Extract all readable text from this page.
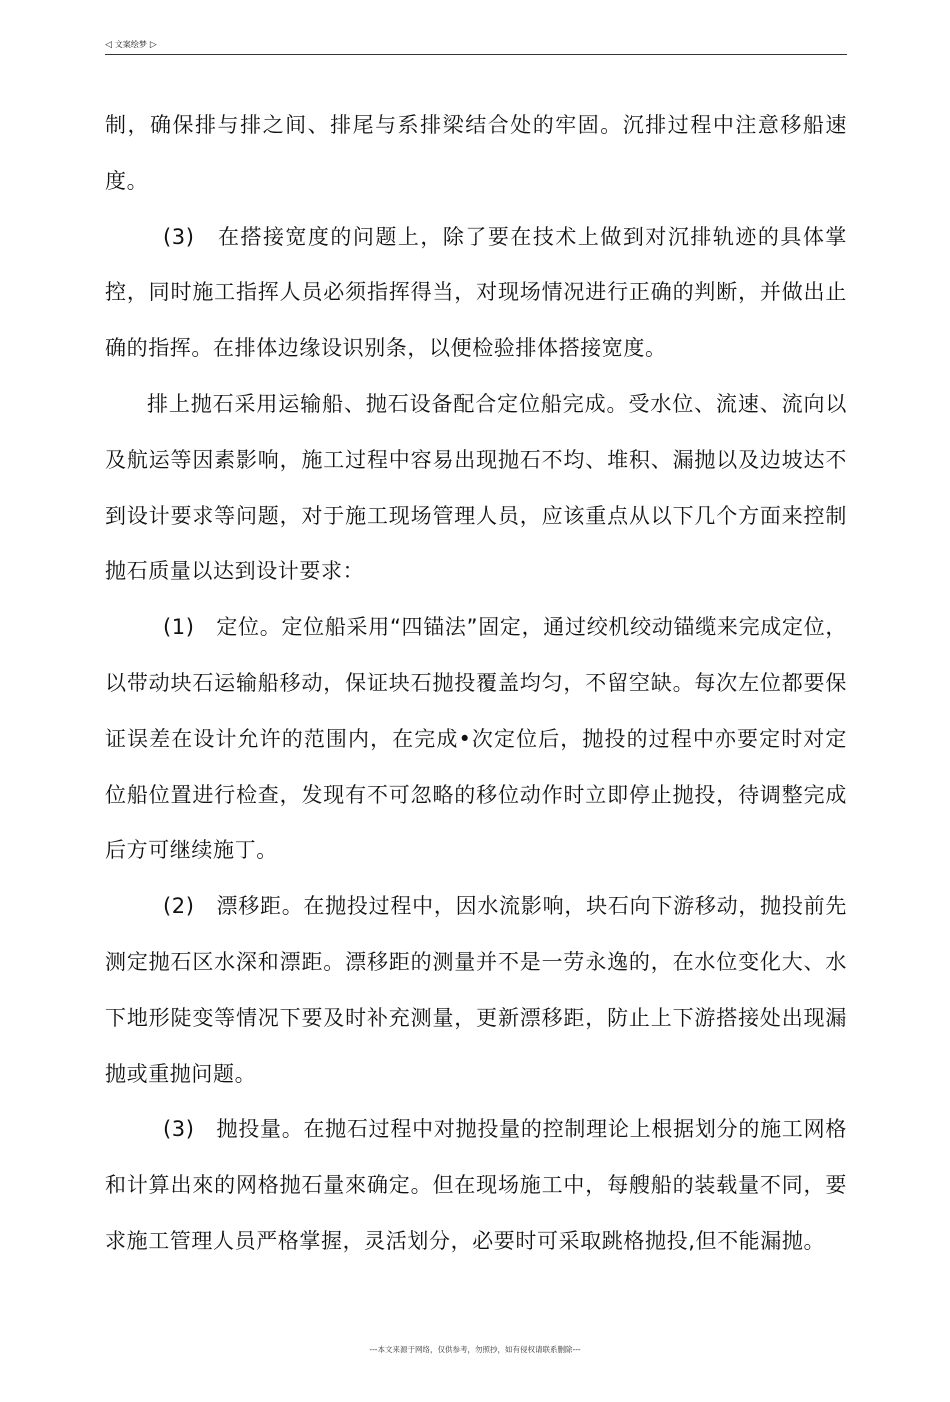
◁ 文案绘梦 ▷

制，确保排与排之间、排尾与系排梁结合处的牢固。沉排过程中注意移船速度。

(3)　在搭接宽度的问题上，除了要在技术上做到对沉排轨迹的具体掌控，同时施工指挥人员必须指挥得当，对现场情况进行正确的判断，并做出止确的指挥。在排体边缘设识别条，以便检验排体搭接宽度。

排上抛石采用运输船、抛石设备配合定位船完成。受水位、流速、流向以及航运等因素影响，施工过程中容易出现抛石不均、堆积、漏抛以及边坡达不到设计要求等问题，对于施工现场管理人员，应该重点从以下几个方面来控制抛石质量以达到设计要求：

(1)　定位。定位船采用“四锚法”固定，通过绞机绞动锚缆来完成定位，以带动块石运输船移动，保证块石抛投覆盖均匀，不留空缺。每次左位都要保证误差在设计允许的范围内，在完成•次定位后，抛投的过程中亦要定时对定位船位置进行检查，发现有不可忽略的移位动作时立即停止抛投，待调整完成后方可继续施丁。

(2)　漂移距。在抛投过程中，因水流影响，块石向下游移动，抛投前先测定抛石区水深和漂距。漂移距的测量并不是一劳永逸的，在水位变化大、水下地形陡变等情况下要及时补充测量，更新漂移距，防止上下游搭接处出现漏抛或重抛问题。

(3)　抛投量。在抛石过程中对抛投量的控制理论上根据划分的施工网格和计算出來的网格抛石量來确定。但在现场施工中，每艘船的装载量不同，要求施工管理人员严格掌握，灵活划分，必要时可采取跳格抛投,但不能漏抛。

---本文来源于网络，仅供参考，勿照抄，如有侵权请联系删除---
